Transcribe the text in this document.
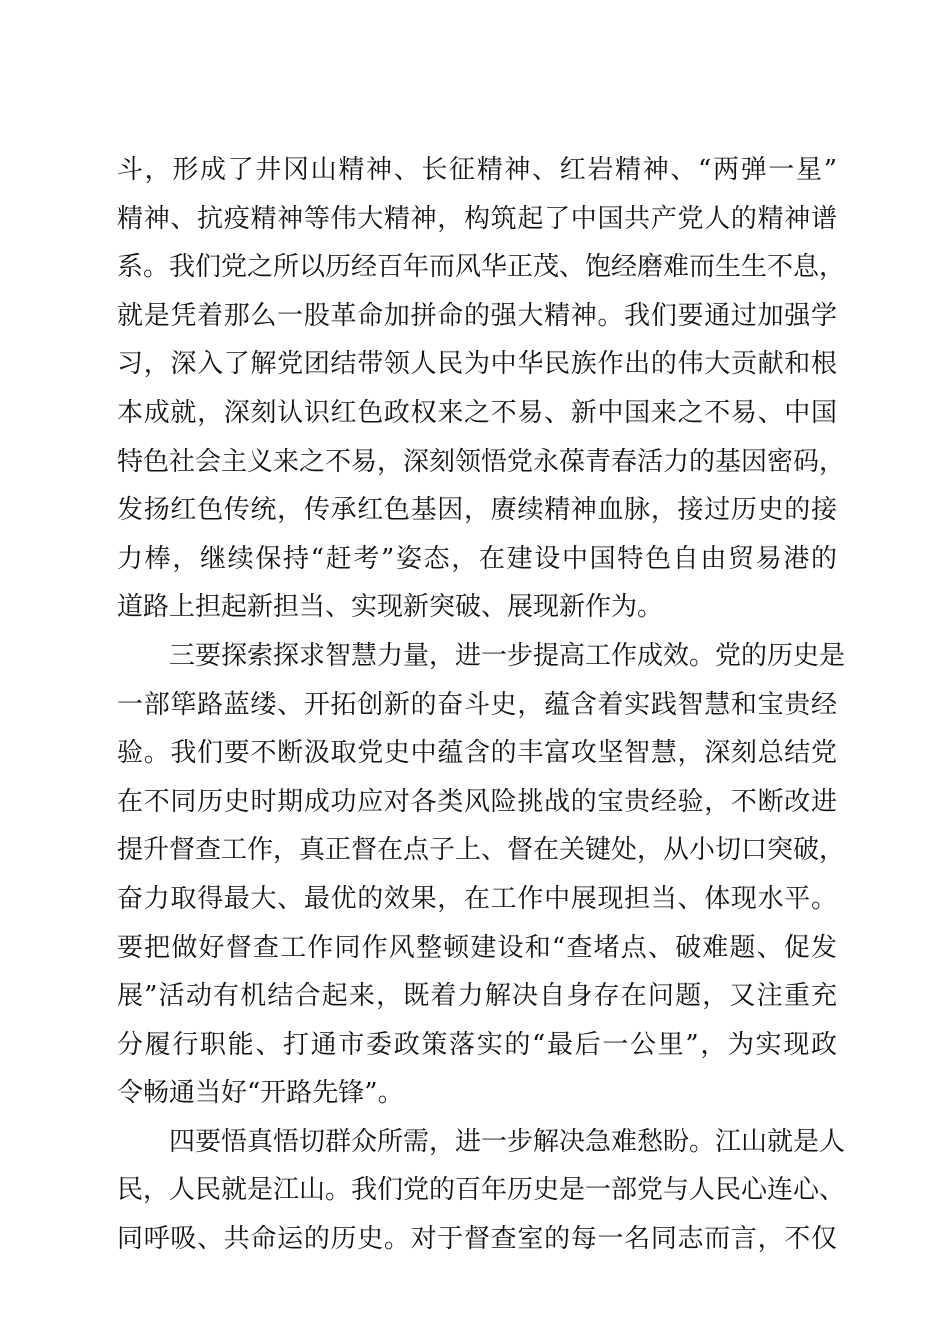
斗，形成了井冈山精神、长征精神、红岩精神、“两弹一星”
精神、抗疫精神等伟大精神，构筑起了中国共产党人的精神谱
系。我们党之所以历经百年而风华正茂、饱经磨难而生生不息，
就是凭着那么一股革命加拼命的强大精神。我们要通过加强学
习，深入了解党团结带领人民为中华民族作出的伟大贡献和根
本成就，深刻认识红色政权来之不易、新中国来之不易、中国
特色社会主义来之不易，深刻领悟党永葆青春活力的基因密码，
发扬红色传统，传承红色基因，赓续精神血脉，接过历史的接
力棒，继续保持“赶考”姿态，在建设中国特色自由贸易港的
道路上担起新担当、实现新突破、展现新作为。
三要探索探求智慧力量，进一步提高工作成效。党的历史是
一部筚路蓝缕、开拓创新的奋斗史，蕴含着实践智慧和宝贵经
验。我们要不断汲取党史中蕴含的丰富攻坚智慧，深刻总结党
在不同历史时期成功应对各类风险挑战的宝贵经验，不断改进
提升督查工作，真正督在点子上、督在关键处，从小切口突破，
奋力取得最大、最优的效果，在工作中展现担当、体现水平。
要把做好督查工作同作风整顿建设和“查堵点、破难题、促发
展”活动有机结合起来，既着力解决自身存在问题，又注重充
分履行职能、打通市委政策落实的“最后一公里”，为实现政
令畅通当好“开路先锋”。
四要悟真悟切群众所需，进一步解决急难愁盼。江山就是人
民，人民就是江山。我们党的百年历史是一部党与人民心连心、
同呼吸、共命运的历史。对于督查室的每一名同志而言，不仅
